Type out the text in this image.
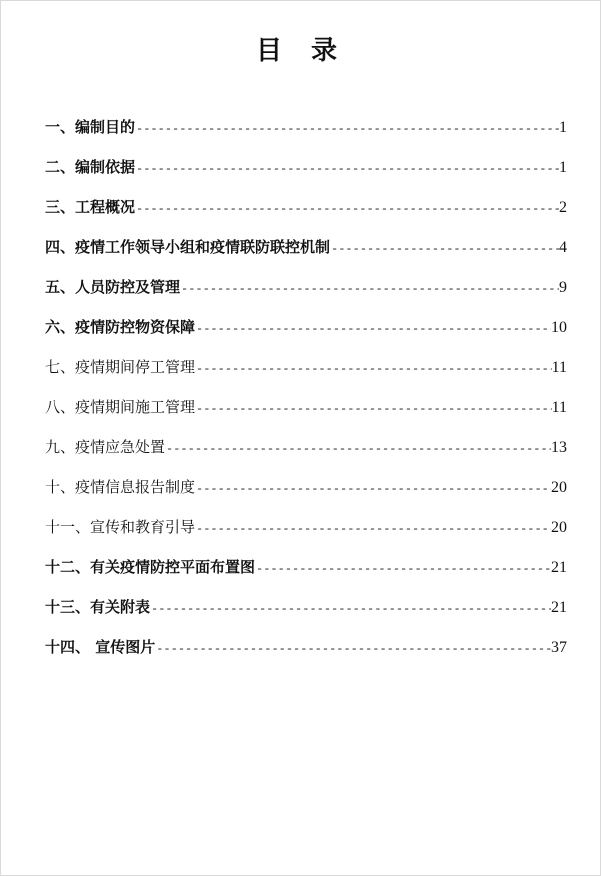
目 录
一、编制目的 -----	1
二、编制依据 -----	1
三、工程概况 -----	2
四、疫情工作领导小组和疫情联防联控机制 -----	4
五、人员防控及管理 -----	9
六、疫情防控物资保障 -----	10
七、疫情期间停工管理 -----	11
八、疫情期间施工管理 -----	11
九、疫情应急处置 -----	13
十、疫情信息报告制度 -----	20
十一、宣传和教育引导 -----	20
十二、有关疫情防控平面布置图 -----	21
十三、有关附表 -----	21
十四、 宣传图片 -----	37
